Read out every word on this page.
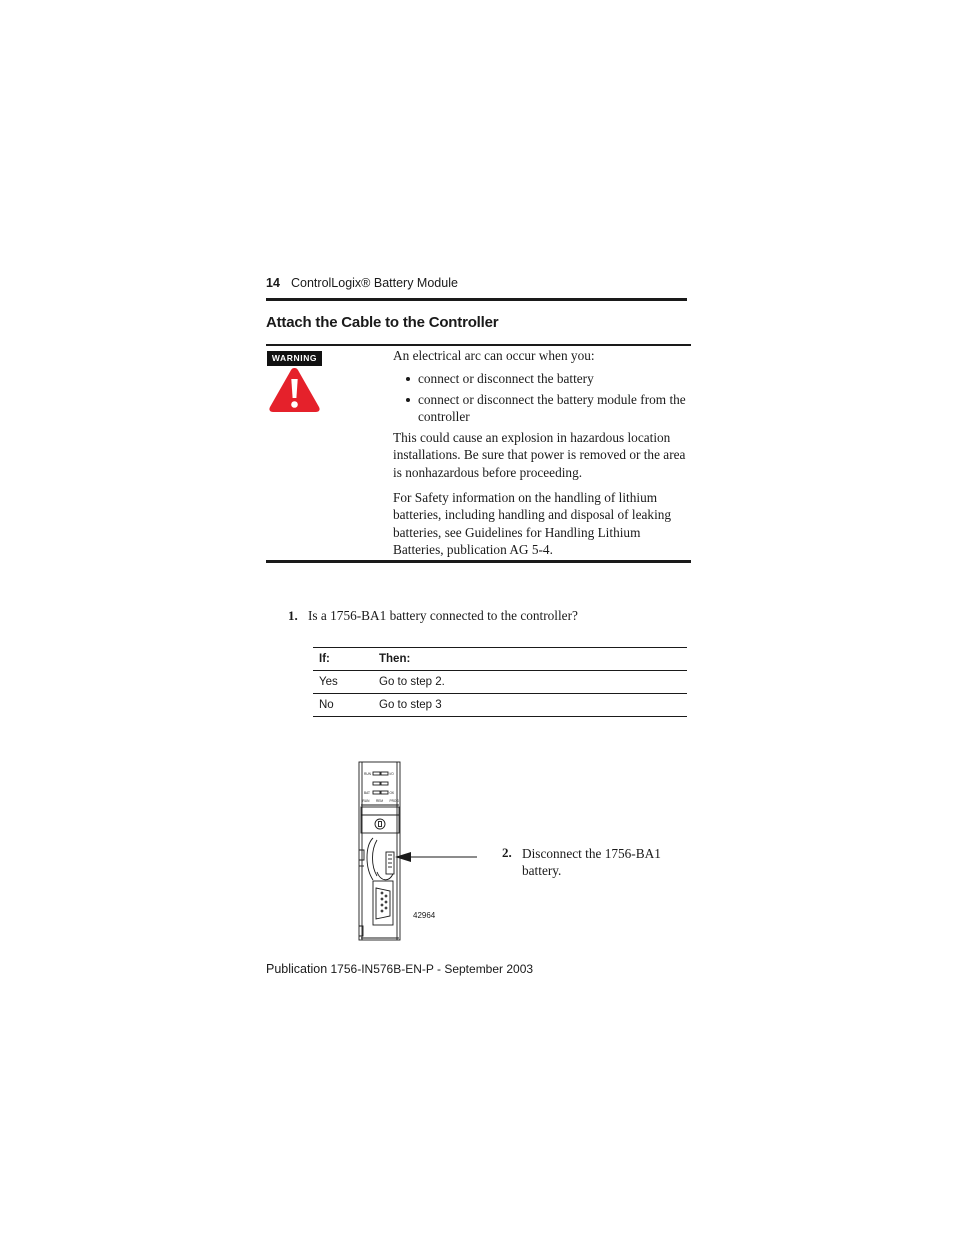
14 ControlLogix® Battery Module
Attach the Cable to the Controller
WARNING	An electrical arc can occur when you:

connect or disconnect the battery
connect or disconnect the battery module from the controller

This could cause an explosion in hazardous location installations. Be sure that power is removed or the area is nonhazardous before proceeding.

For Safety information on the handling of lithium batteries, including handling and disposal of leaking batteries, see Guidelines for Handling Lithium Batteries, publication AG 5-4.

1. Is a 1756-BA1 battery connected to the controller?
If:	Then:
Yes	Go to step 2.
No	Go to step 3
RUN	I/O
BAT	OK
RUN REM PROG
42964
2. Disconnect the 1756-BA1 battery.
Publication 1756-IN576B-EN-P - September 2003
